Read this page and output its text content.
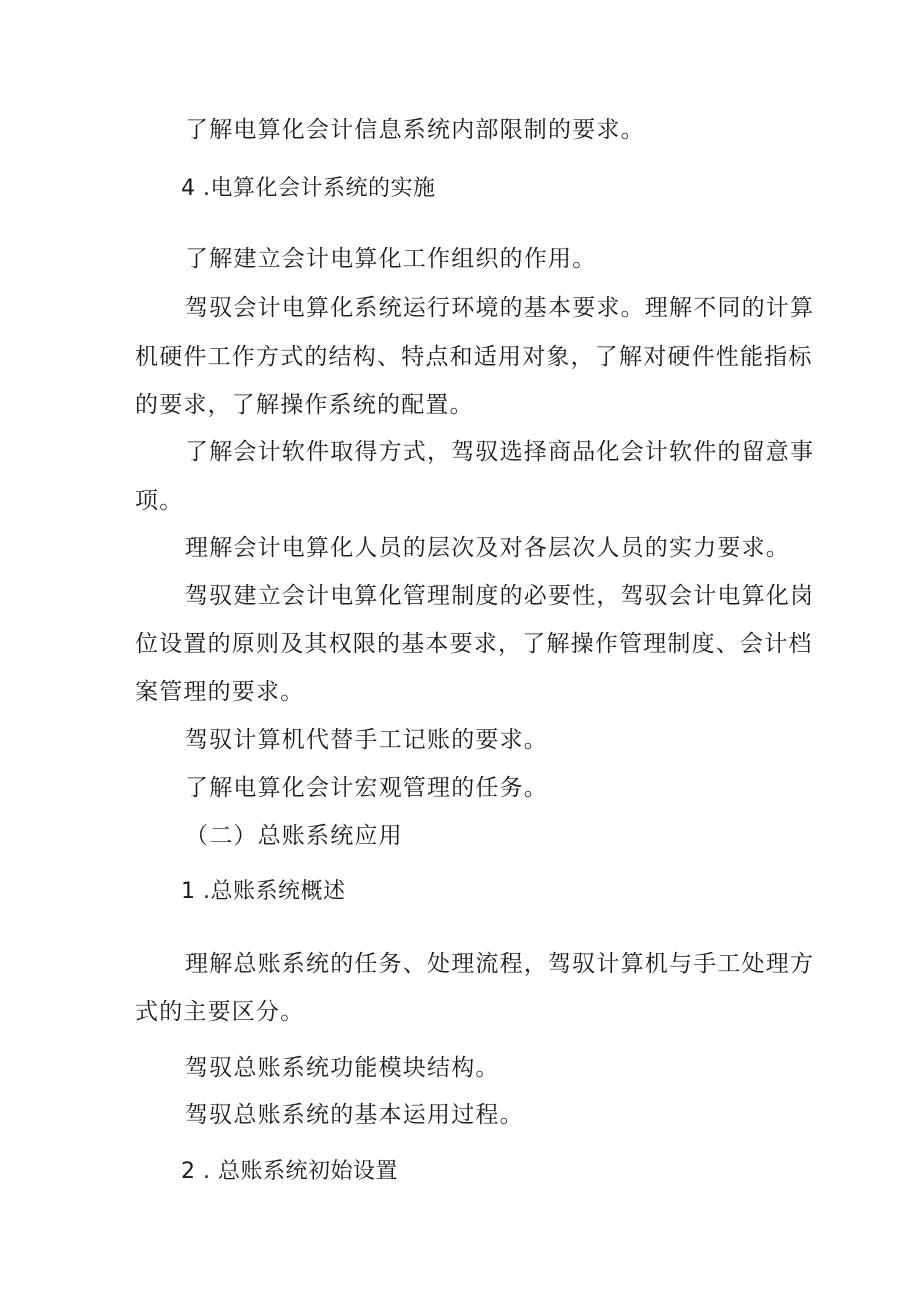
了解电算化会计信息系统内部限制的要求。
4 .电算化会计系统的实施
了解建立会计电算化工作组织的作用。
驾驭会计电算化系统运行环境的基本要求。理解不同的计算
机硬件工作方式的结构、特点和适用对象，了解对硬件性能指标
的要求，了解操作系统的配置。
了解会计软件取得方式，驾驭选择商品化会计软件的留意事
项。
理解会计电算化人员的层次及对各层次人员的实力要求。
驾驭建立会计电算化管理制度的必要性，驾驭会计电算化岗
位设置的原则及其权限的基本要求，了解操作管理制度、会计档
案管理的要求。
驾驭计算机代替手工记账的要求。
了解电算化会计宏观管理的任务。
（二）总账系统应用
1 .总账系统概述
理解总账系统的任务、处理流程，驾驭计算机与手工处理方
式的主要区分。
驾驭总账系统功能模块结构。
驾驭总账系统的基本运用过程。
2 . 总账系统初始设置
